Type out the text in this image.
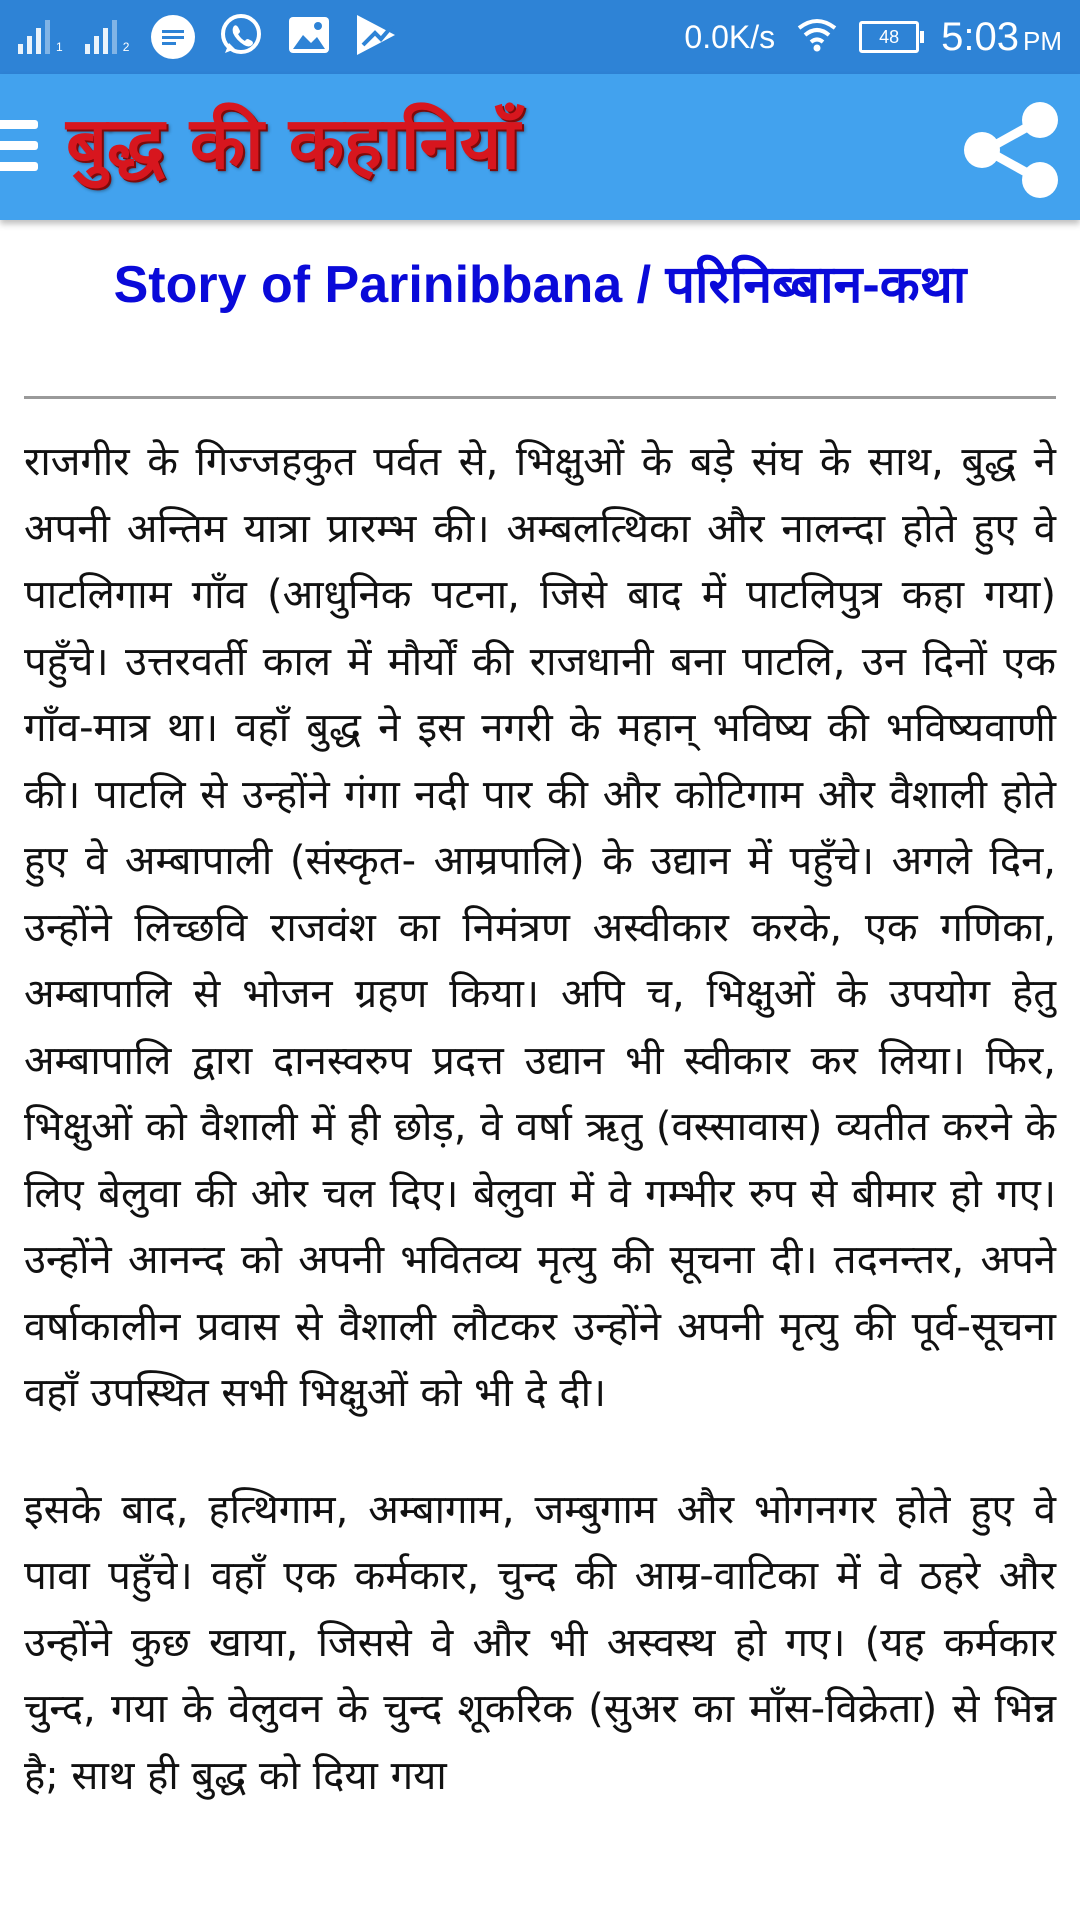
$_1$	$_2$	0.0K/s	48 5:03 PM
बुद्ध की कहानियाँ
Story of Parinibbana / परिनिब्बान-कथा

राजगीर के गिज्जहकुत पर्वत से, भिक्षुओं के बड़े संघ के साथ, बुद्ध ने अपनी अन्तिम यात्रा प्रारम्भ की। अम्बलत्थिका और नालन्दा होते हुए वे पाटलिगाम गाँव (आधुनिक पटना, जिसे बाद में पाटलिपुत्र कहा गया) पहुँचे। उत्तरवर्ती काल में मौर्यों की राजधानी बना पाटलि, उन दिनों एक गाँव-मात्र था। वहाँ बुद्ध ने इस नगरी के महान् भविष्य की भविष्यवाणी की। पाटलि से उन्होंने गंगा नदी पार की और कोटिगाम और वैशाली होते हुए वे अम्बापाली (संस्कृत- आम्रपालि) के उद्यान में पहुँचे। अगले दिन, उन्होंने लिच्छवि राजवंश का निमंत्रण अस्वीकार करके, एक गणिका, अम्बापालि से भोजन ग्रहण किया। अपि च, भिक्षुओं के उपयोग हेतु अम्बापालि द्वारा दानस्वरुप प्रदत्त उद्यान भी स्वीकार कर लिया। फिर, भिक्षुओं को वैशाली में ही छोड़, वे वर्षा ऋतु (वस्सावास) व्यतीत करने के लिए बेलुवा की ओर चल दिए। बेलुवा में वे गम्भीर रुप से बीमार हो गए। उन्होंने आनन्द को अपनी भवितव्य मृत्यु की सूचना दी। तदनन्तर, अपने वर्षाकालीन प्रवास से वैशाली लौटकर उन्होंने अपनी मृत्यु की पूर्व-सूचना वहाँ उपस्थित सभी भिक्षुओं को भी दे दी।

इसके बाद, हत्थिगाम, अम्बागाम, जम्बुगाम और भोगनगर होते हुए वे पावा पहुँचे। वहाँ एक कर्मकार, चुन्द की आम्र-वाटिका में वे ठहरे और उन्होंने कुछ खाया, जिससे वे और भी अस्वस्थ हो गए। (यह कर्मकार चुन्द, गया के वेलुवन के चुन्द शूकरिक (सुअर का माँस-विक्रेता) से भिन्न है; साथ ही बुद्ध को दिया गया
